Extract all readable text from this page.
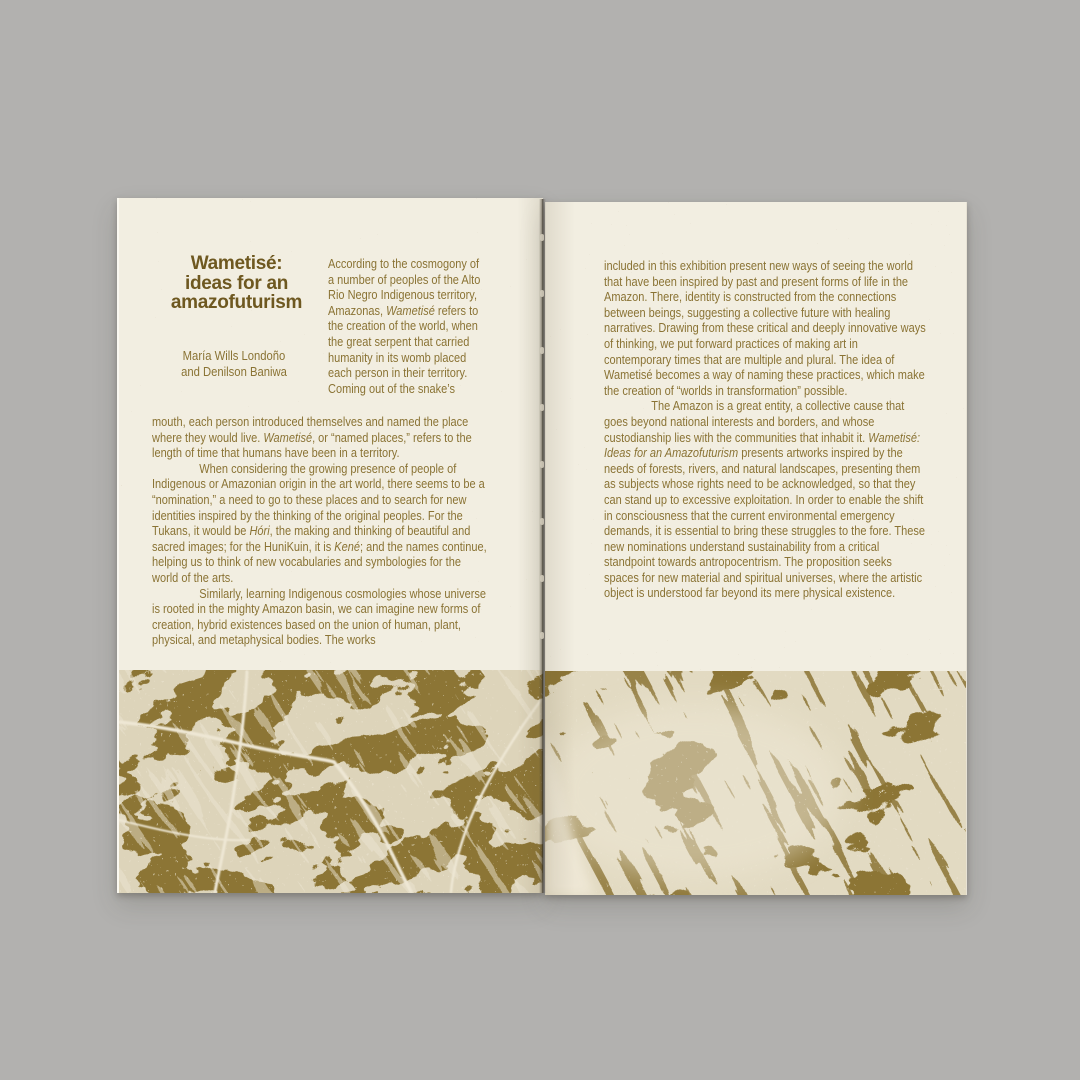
Wametisé:
ideas for an
amazofuturism
María Wills Londoño
and Denilson Baniwa
According to the cosmogony of a number of peoples of the Alto Rio Negro Indigenous territory, Amazonas, Wametisé refers to the creation of the world, when the great serpent that carried humanity in its womb placed each person in their territory. Coming out of the snake’s

mouth, each person introduced themselves and named the place where they would live. Wametisé, or “named places,” refers to the length of time that humans have been in a territory.

When considering the growing presence of people of Indigenous or Amazonian origin in the art world, there seems to be a “nomination,” a need to go to these places and to search for new identities inspired by the thinking of the original peoples. For the Tukans, it would be Hóri, the making and thinking of beautiful and sacred images; for the HuniKuin, it is Kené; and the names continue, helping us to think of new vocabularies and symbologies for the world of the arts.

Similarly, learning Indigenous cosmologies whose universe is rooted in the mighty Amazon basin, we can imagine new forms of creation, hybrid existences based on the union of human, plant, physical, and metaphysical bodies. The works

included in this exhibition present new ways of seeing the world that have been inspired by past and present forms of life in the Amazon. There, identity is constructed from the connections between beings, suggesting a collective future with healing narratives. Drawing from these critical and deeply innovative ways of thinking, we put forward practices of making art in contemporary times that are multiple and plural. The idea of Wametisé becomes a way of naming these practices, which make the creation of “worlds in transformation” possible.

The Amazon is a great entity, a collective cause that goes beyond national interests and borders, and whose custodianship lies with the communities that inhabit it. Wametisé: Ideas for an Amazofuturism presents artworks inspired by the needs of forests, rivers, and natural landscapes, presenting them as subjects whose rights need to be acknowledged, so that they can stand up to excessive exploitation. In order to enable the shift in consciousness that the current environmental emergency demands, it is essential to bring these struggles to the fore. These new nominations understand sustainability from a critical standpoint towards antropocentrism. The proposition seeks spaces for new material and spiritual universes, where the artistic object is understood far beyond its mere physical existence.

11
